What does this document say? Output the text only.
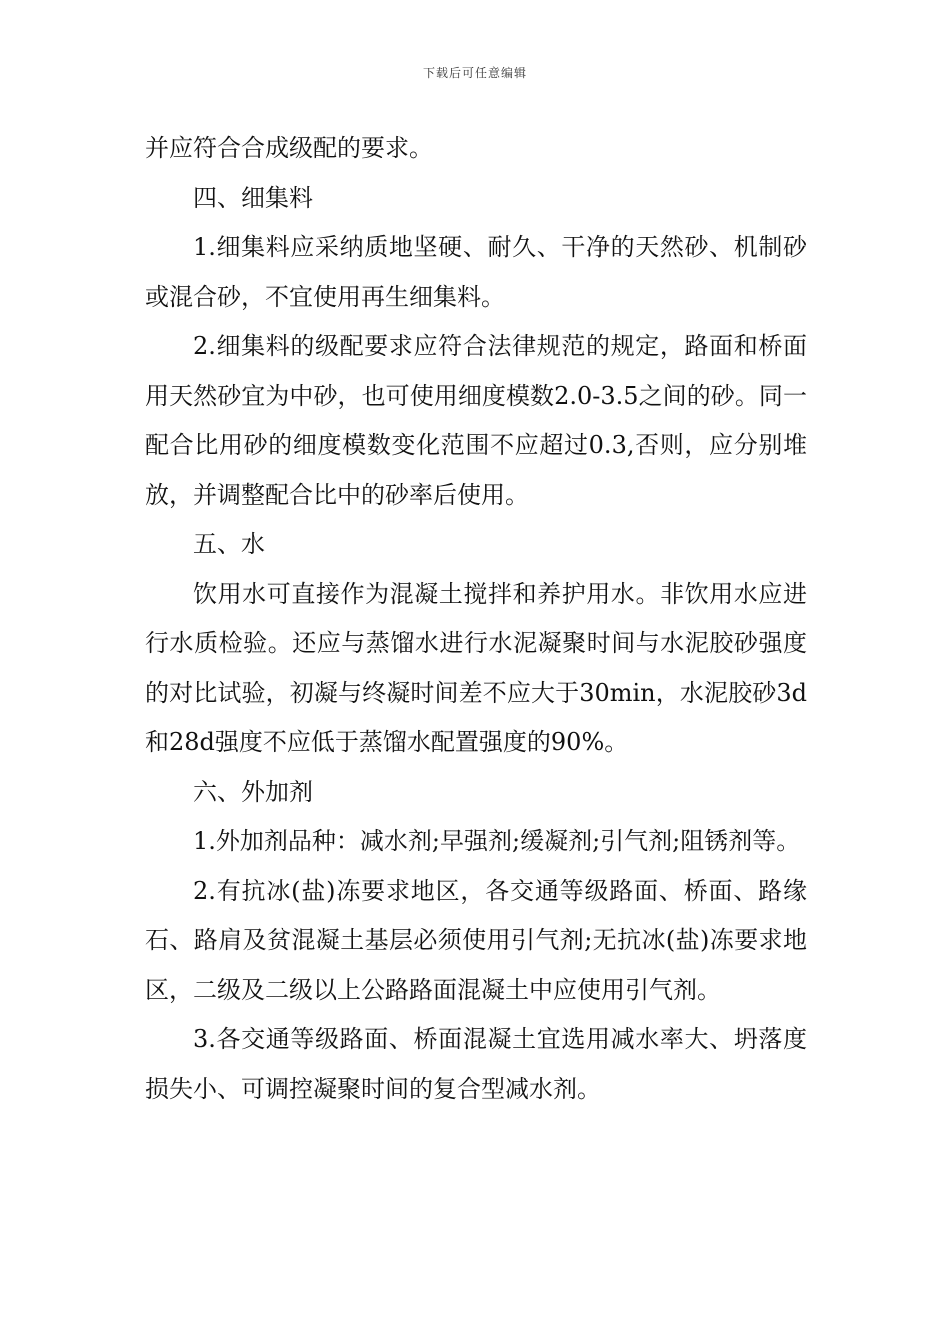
下载后可任意编辑

并应符合合成级配的要求。

四、细集料

1.细集料应采纳质地坚硬、耐久、干净的天然砂、机制砂或混合砂，不宜使用再生细集料。

2.细集料的级配要求应符合法律规范的规定，路面和桥面用天然砂宜为中砂，也可使用细度模数2.0-3.5之间的砂。同一配合比用砂的细度模数变化范围不应超过0.3,否则，应分别堆放，并调整配合比中的砂率后使用。

五、水

饮用水可直接作为混凝土搅拌和养护用水。非饮用水应进行水质检验。还应与蒸馏水进行水泥凝聚时间与水泥胶砂强度的对比试验，初凝与终凝时间差不应大于30min，水泥胶砂3d和28d强度不应低于蒸馏水配置强度的90%。

六、外加剂

1.外加剂品种：减水剂;早强剂;缓凝剂;引气剂;阻锈剂等。

2.有抗冰(盐)冻要求地区，各交通等级路面、桥面、路缘石、路肩及贫混凝土基层必须使用引气剂;无抗冰(盐)冻要求地区，二级及二级以上公路路面混凝土中应使用引气剂。

3.各交通等级路面、桥面混凝土宜选用减水率大、坍落度损失小、可调控凝聚时间的复合型减水剂。
